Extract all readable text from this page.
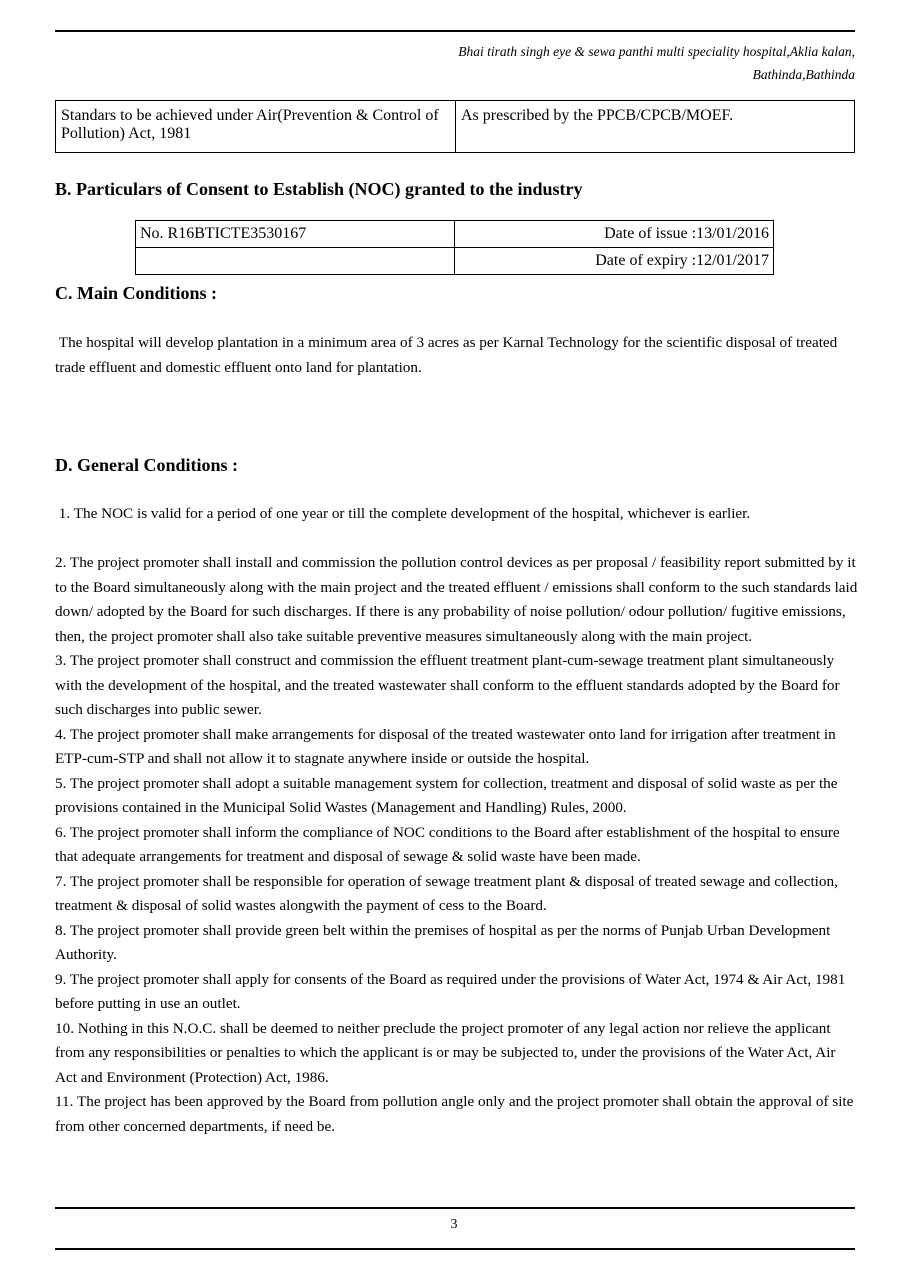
Bhai tirath singh eye & sewa panthi multi speciality hospital,Aklia kalan,
Bathinda,Bathinda
Standars to be achieved under Air(Prevention & Control of Pollution) Act, 1981	As prescribed by the PPCB/CPCB/MOEF.
B. Particulars of Consent to Establish (NOC) granted to the industry
No. R16BTICTE3530167	Date of issue :13/01/2016
	Date of expiry :12/01/2017
C. Main Conditions :

The hospital will develop plantation in a minimum area of 3 acres as per Karnal Technology for the scientific disposal of treated trade effluent and domestic effluent onto land for plantation.

D. General Conditions :

1. The NOC is valid for a period of one year or till the complete development of the hospital, whichever is earlier.

2. The project promoter shall install and commission the pollution control devices as per proposal / feasibility report submitted by it to the Board simultaneously along with the main project and the treated effluent / emissions shall conform to the such standards laid down/ adopted by the Board for such discharges. If there is any probability of noise pollution/ odour pollution/ fugitive emissions, then, the project promoter shall also take suitable preventive measures simultaneously along with the main project.
3. The project promoter shall construct and commission the effluent treatment plant-cum-sewage treatment plant simultaneously with the development of the hospital, and the treated wastewater shall conform to the effluent standards adopted by the Board for such discharges into public sewer.
4. The project promoter shall make arrangements for disposal of the treated wastewater onto land for irrigation after treatment in ETP-cum-STP and shall not allow it to stagnate anywhere inside or outside the hospital.
5. The project promoter shall adopt a suitable management system for collection, treatment and disposal of solid waste as per the provisions contained in the Municipal Solid Wastes (Management and Handling) Rules, 2000.
6. The project promoter shall inform the compliance of NOC conditions to the Board after establishment of the hospital to ensure that adequate arrangements for treatment and disposal of sewage & solid waste have been made.
7. The project promoter shall be responsible for operation of sewage treatment plant & disposal of treated sewage and collection, treatment & disposal of solid wastes alongwith the payment of cess to the Board.
8. The project promoter shall provide green belt within the premises of hospital as per the norms of Punjab Urban Development Authority.
9. The project promoter shall apply for consents of the Board as required under the provisions of Water Act, 1974 & Air Act, 1981 before putting in use an outlet.
10. Nothing in this N.O.C. shall be deemed to neither preclude the project promoter of any legal action nor relieve the applicant from any responsibilities or penalties to which the applicant is or may be subjected to, under the provisions of the Water Act, Air Act and Environment (Protection) Act, 1986.
11. The project has been approved by the Board from pollution angle only and the project promoter shall obtain the approval of site from other concerned departments, if need be.
3
